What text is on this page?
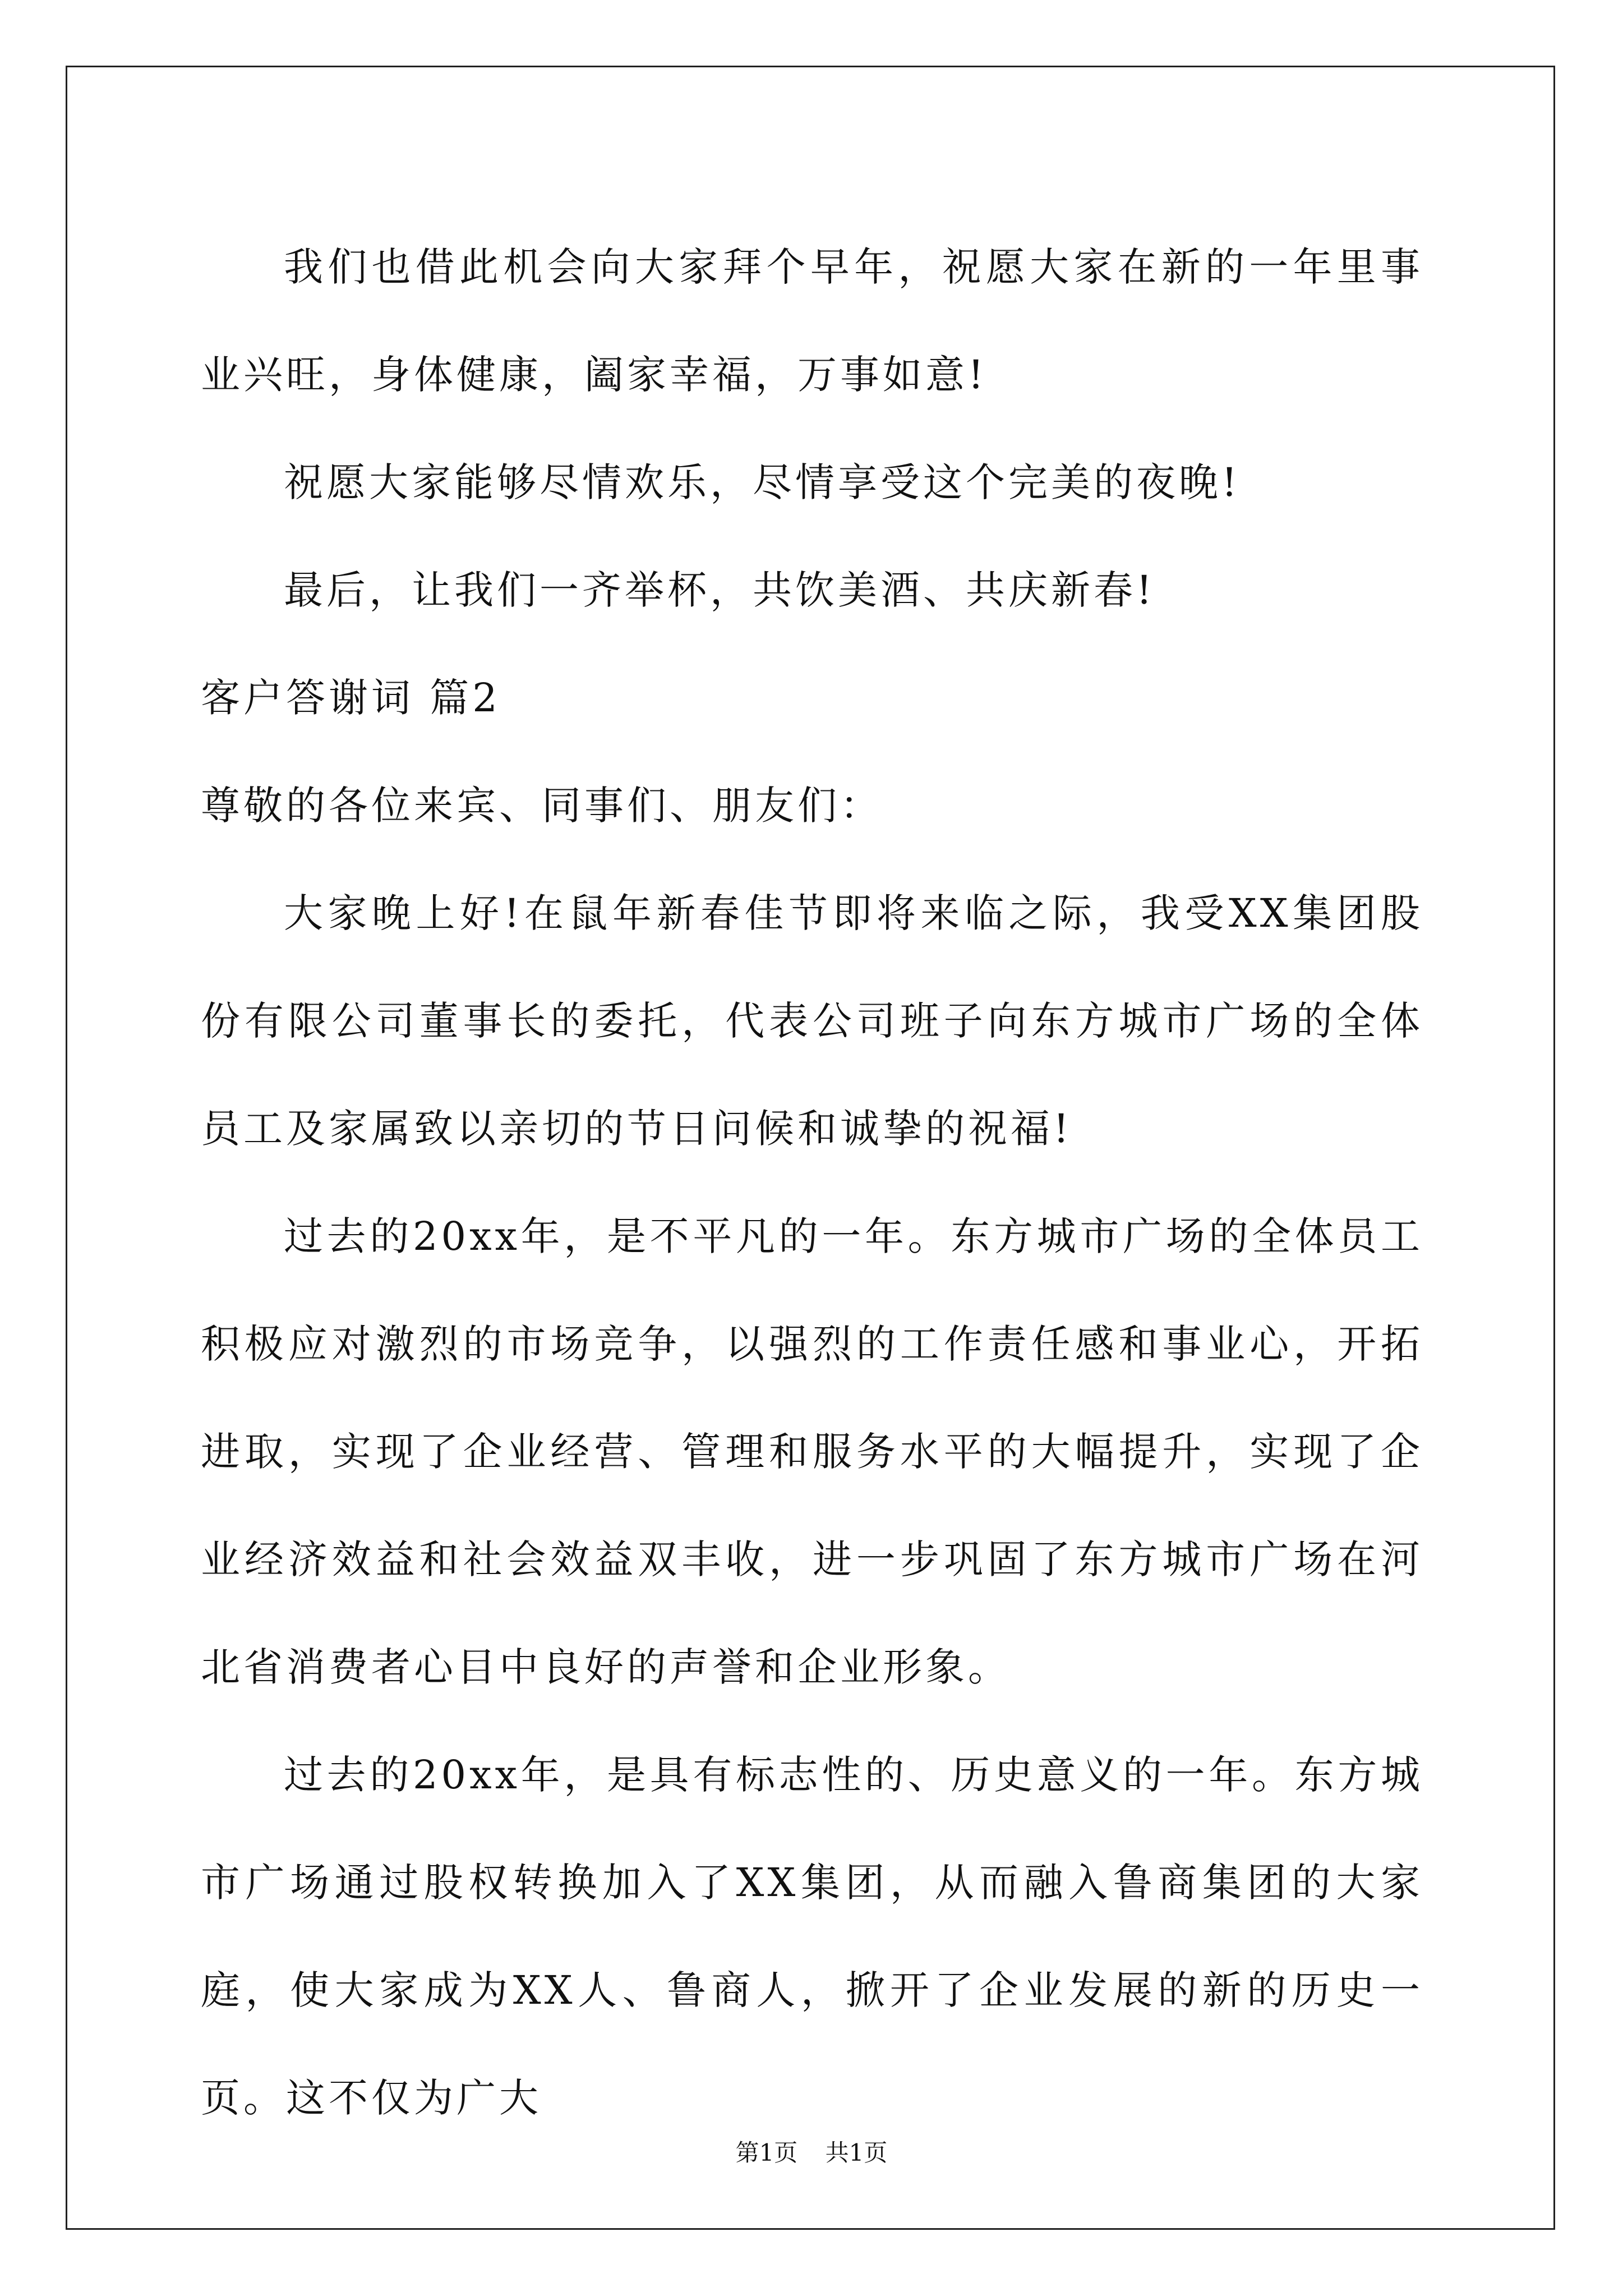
我们也借此机会向大家拜个早年，祝愿大家在新的一年里事业兴旺，身体健康，阖家幸福，万事如意!

祝愿大家能够尽情欢乐，尽情享受这个完美的夜晚!

最后，让我们一齐举杯，共饮美酒、共庆新春!

客户答谢词 篇2

尊敬的各位来宾、同事们、朋友们：

大家晚上好!在鼠年新春佳节即将来临之际，我受XX集团股份有限公司董事长的委托，代表公司班子向东方城市广场的全体员工及家属致以亲切的节日问候和诚挚的祝福!

过去的20xx年，是不平凡的一年。东方城市广场的全体员工积极应对激烈的市场竞争，以强烈的工作责任感和事业心，开拓进取，实现了企业经营、管理和服务水平的大幅提升，实现了企业经济效益和社会效益双丰收，进一步巩固了东方城市广场在河北省消费者心目中良好的声誉和企业形象。

过去的20xx年，是具有标志性的、历史意义的一年。东方城市广场通过股权转换加入了XX集团，从而融入鲁商集团的大家庭，使大家成为XX人、鲁商人，掀开了企业发展的新的历史一页。这不仅为广大

第1页 共1页
